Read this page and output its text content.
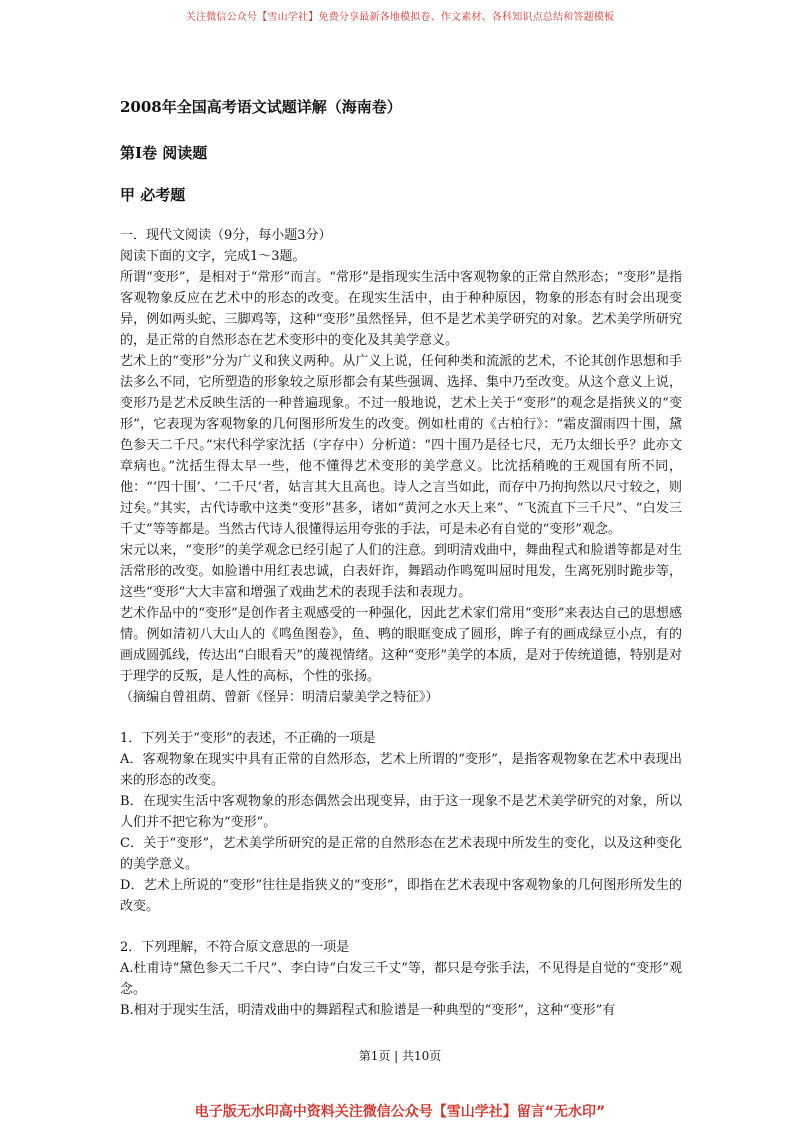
关注微信公众号【雪山学社】免费分享最新各地模拟卷、作文素材、各科知识点总结和答题模板
2008年全国高考语文试题详解（海南卷）
第Ⅰ卷 阅读题
甲 必考题

一．现代文阅读（9分，每小题3分）

阅读下面的文字，完成1～3题。

所谓“变形”，是相对于“常形”而言。“常形”是指现实生活中客观物象的正常自然形态；“变形”是指客观物象反应在艺术中的形态的改变。在现实生活中，由于种种原因，物象的形态有时会出现变异，例如两头蛇、三脚鸡等，这种“变形”虽然怪异，但不是艺术美学研究的对象。艺术美学所研究的，是正常的自然形态在艺术变形中的变化及其美学意义。

艺术上的“变形”分为广义和狭义两种。从广义上说，任何种类和流派的艺术，不论其创作思想和手法多么不同，它所塑造的形象较之原形都会有某些强调、选择、集中乃至改变。从这个意义上说，变形乃是艺术反映生活的一种普遍现象。不过一般地说，艺术上关于“变形”的观念是指狭义的“变形”，它表现为客观物象的几何图形所发生的改变。例如杜甫的《古柏行》：“霜皮溜雨四十围，黛色参天二千尺。”宋代科学家沈括（字存中）分析道：“四十围乃是径七尺，无乃太细长乎？此亦文章病也。”沈括生得太早一些，他不懂得艺术变形的美学意义。比沈括稍晚的王观国有所不同，他：“‘四十围’、‘二千尺’者，姑言其大且高也。诗人之言当如此，而存中乃拘拘然以尺寸较之，则过矣。”其实，古代诗歌中这类“变形”甚多，诸如“黄河之水天上来”、“飞流直下三千尺”、“白发三千丈”等等都是。当然古代诗人很懂得运用夸张的手法，可是未必有自觉的“变形”观念。

宋元以来，“变形”的美学观念已经引起了人们的注意。到明清戏曲中，舞曲程式和脸谱等都是对生活常形的改变。如脸谱中用红表忠诚，白表奸诈，舞蹈动作鸣冤叫屈时甩发，生离死别时跪步等，这些“变形”大大丰富和增强了戏曲艺术的表现手法和表现力。

艺术作品中的“变形”是创作者主观感受的一种强化，因此艺术家们常用“变形”来表达自己的思想感情。例如清初八大山人的《鸣鱼图卷》，鱼、鸭的眼眶变成了圆形，眸子有的画成绿豆小点，有的画成圆弧线，传达出“白眼看天”的蔑视情绪。这种“变形”美学的本质，是对于传统道德，特别是对于理学的反叛，是人性的高标，个性的张扬。

（摘编自曾祖荫、曾新《怪异：明清启蒙美学之特征》）

1．下列关于“变形”的表述，不正确的一项是

A．客观物象在现实中具有正常的自然形态，艺术上所谓的“变形”，是指客观物象在艺术中表现出来的形态的改变。

B．在现实生活中客观物象的形态偶然会出现变异，由于这一现象不是艺术美学研究的对象，所以人们并不把它称为“变形”。

C．关于“变形”，艺术美学所研究的是正常的自然形态在艺术表现中所发生的变化，以及这种变化的美学意义。

D．艺术上所说的“变形”往往是指狭义的“变形”，即指在艺术表现中客观物象的几何图形所发生的改变。

2．下列理解，不符合原文意思的一项是

A.杜甫诗“黛色参天二千尺”、李白诗“白发三千丈”等，都只是夸张手法，不见得是自觉的“变形”观念。

B.相对于现实生活，明清戏曲中的舞蹈程式和脸谱是一种典型的“变形”，这种“变形”有

第1页 | 共10页
电子版无水印高中资料关注微信公众号【雪山学社】留言“无水印”
